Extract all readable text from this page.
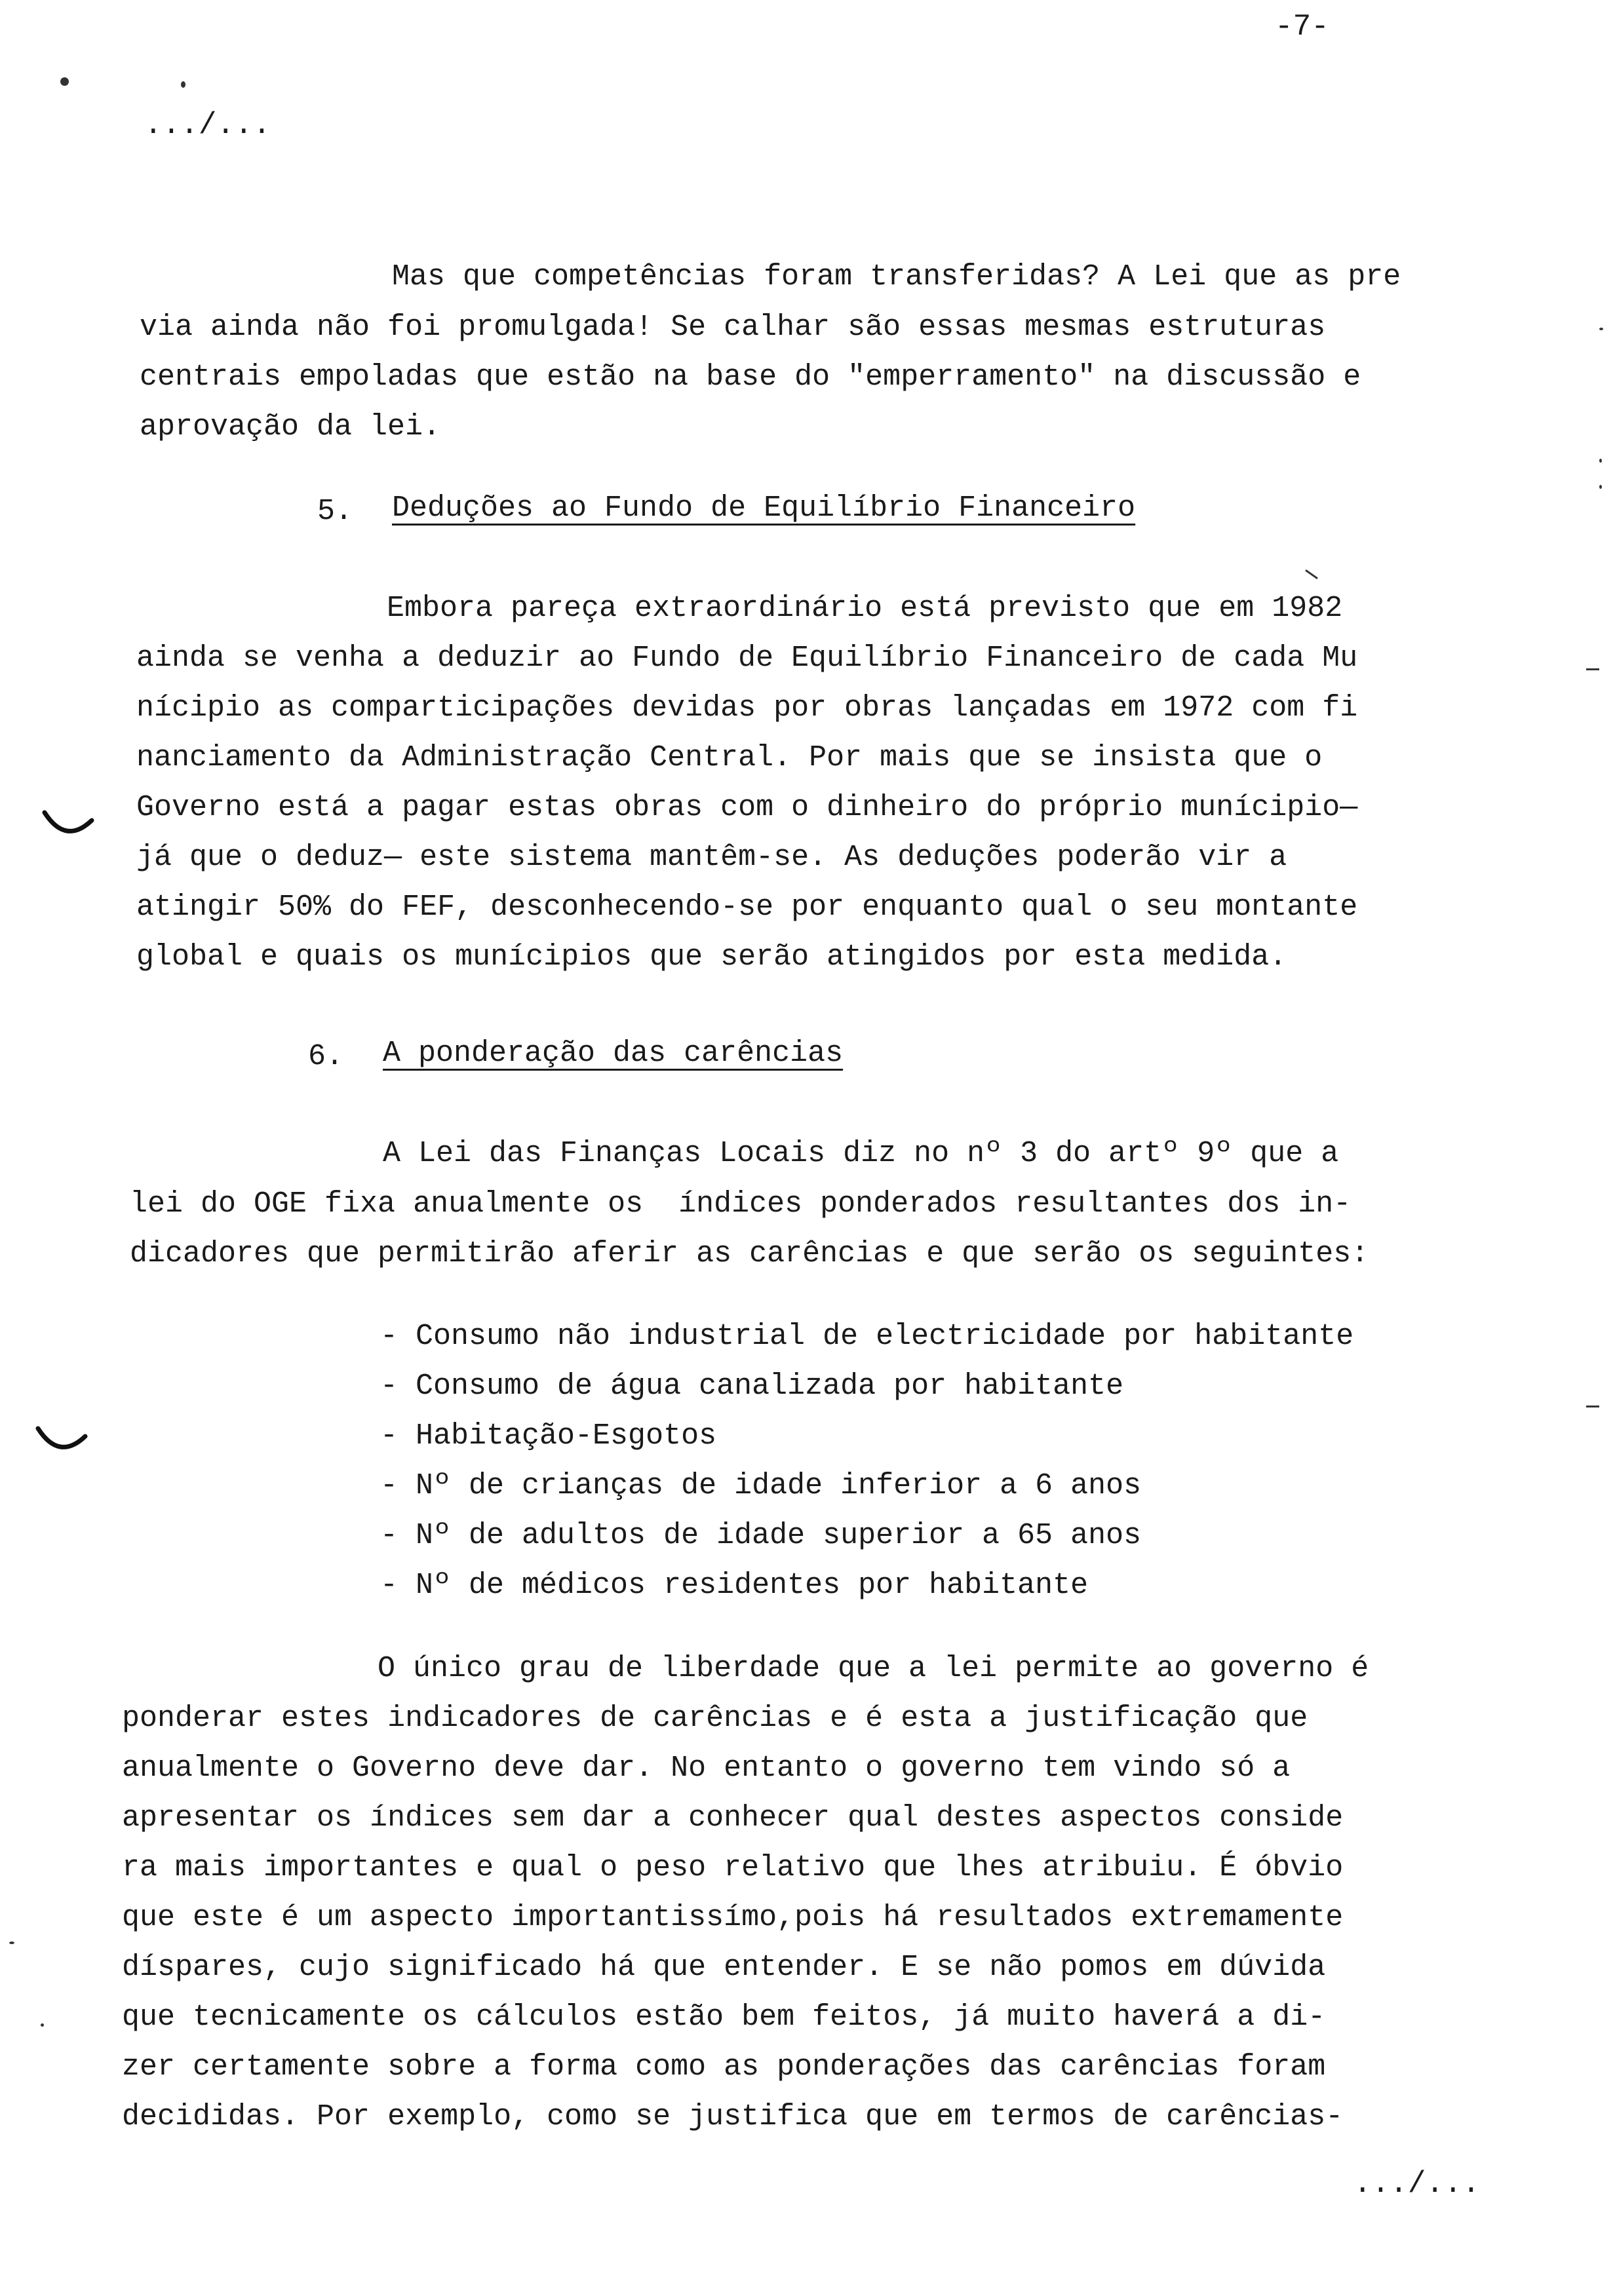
-7-
.../...
Mas que competências foram transferidas? A Lei que as pre
via ainda não foi promulgada! Se calhar são essas mesmas estruturas
centrais empoladas que estão na base do "emperramento" na discussão e
aprovação da lei.
5. Deduções ao Fundo de Equilíbrio Financeiro
Embora pareça extraordinário está previsto que em 1982
ainda se venha a deduzir ao Fundo de Equilíbrio Financeiro de cada Mu
nícipio as comparticipações devidas por obras lançadas em 1972 com fi
nanciamento da Administração Central. Por mais que se insista que o
Governo está a pagar estas obras com o dinheiro do próprio munícipio—
já que o deduz— este sistema mantêm-se. As deduções poderão vir a
atingir 50% do FEF, desconhecendo-se por enquanto qual o seu montante
global e quais os munícipios que serão atingidos por esta medida.
6. A ponderação das carências
A Lei das Finanças Locais diz no nº 3 do artº 9º que a
lei do OGE fixa anualmente os  índices ponderados resultantes dos in-
dicadores que permitirão aferir as carências e que serão os seguintes:
- Consumo não industrial de electricidade por habitante
- Consumo de água canalizada por habitante
- Habitação-Esgotos
- Nº de crianças de idade inferior a 6 anos
- Nº de adultos de idade superior a 65 anos
- Nº de médicos residentes por habitante
O único grau de liberdade que a lei permite ao governo é
ponderar estes indicadores de carências e é esta a justificação que
anualmente o Governo deve dar. No entanto o governo tem vindo só a
apresentar os índices sem dar a conhecer qual destes aspectos conside
ra mais importantes e qual o peso relativo que lhes atribuiu. É óbvio
que este é um aspecto importantissímo,pois há resultados extremamente
díspares, cujo significado há que entender. E se não pomos em dúvida
que tecnicamente os cálculos estão bem feitos, já muito haverá a di-
zer certamente sobre a forma como as ponderações das carências foram
decididas. Por exemplo, como se justifica que em termos de carências-
.../...
